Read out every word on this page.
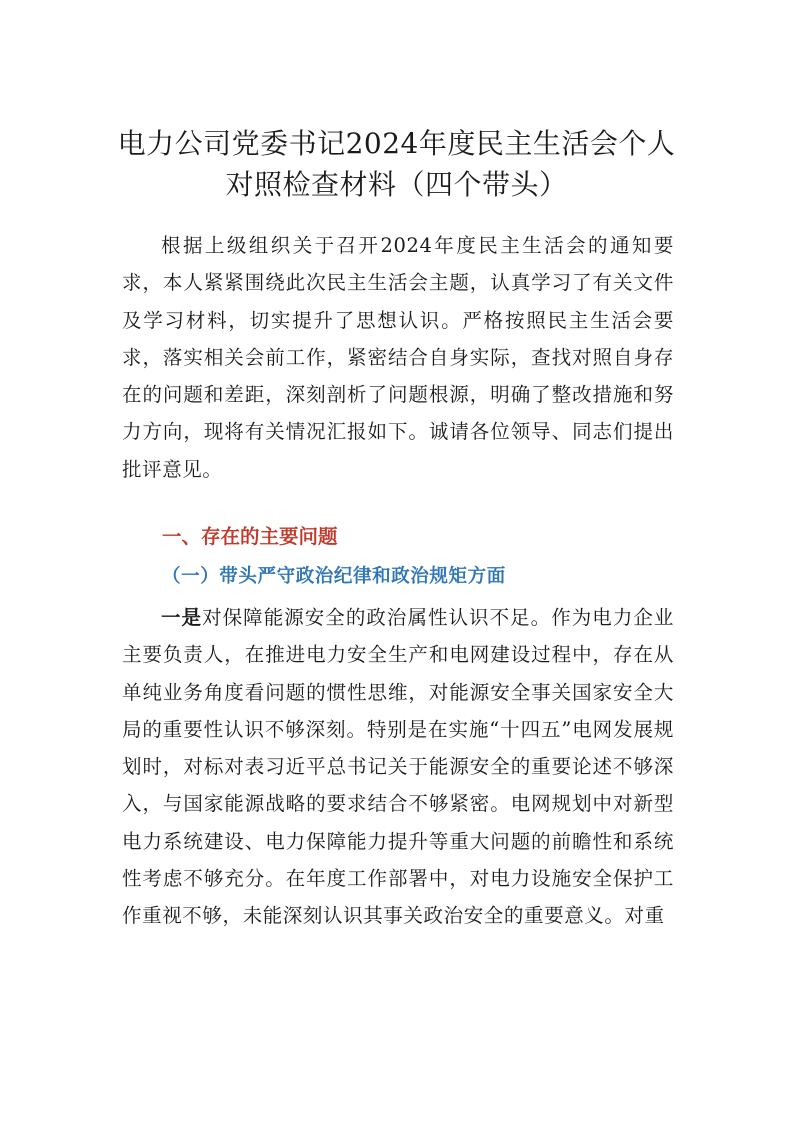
电力公司党委书记2024年度民主生活会个人
对照检查材料（四个带头）

根据上级组织关于召开2024年度民主生活会的通知要求，本人紧紧围绕此次民主生活会主题，认真学习了有关文件及学习材料，切实提升了思想认识。严格按照民主生活会要求，落实相关会前工作，紧密结合自身实际，查找对照自身存在的问题和差距，深刻剖析了问题根源，明确了整改措施和努力方向，现将有关情况汇报如下。诚请各位领导、同志们提出批评意见。

一、存在的主要问题
（一）带头严守政治纪律和政治规矩方面

一是对保障能源安全的政治属性认识不足。作为电力企业主要负责人，在推进电力安全生产和电网建设过程中，存在从单纯业务角度看问题的惯性思维，对能源安全事关国家安全大局的重要性认识不够深刻。特别是在实施“十四五”电网发展规划时，对标对表习近平总书记关于能源安全的重要论述不够深入，与国家能源战略的要求结合不够紧密。电网规划中对新型电力系统建设、电力保障能力提升等重大问题的前瞻性和系统性考虑不够充分。在年度工作部署中，对电力设施安全保护工作重视不够，未能深刻认识其事关政治安全的重要意义。对重
